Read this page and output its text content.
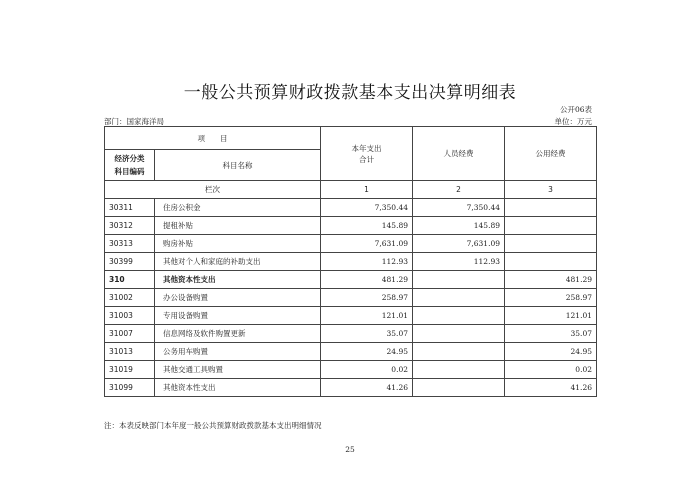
一般公共预算财政拨款基本支出决算明细表
公开06表
部门：国家海洋局	单位：万元
项　　目		本年支出
合计	人员经费	公用经费

经济分类
科目编码	科目名称			
栏次		1	2	3
30311	住房公积金	7,350.44	7,350.44	
30312	提租补贴	145.89	145.89	
30313	购房补贴	7,631.09	7,631.09	
30399	其他对个人和家庭的补助支出	112.93	112.93	
310	其他资本性支出	481.29		481.29
31002	办公设备购置	258.97		258.97
31003	专用设备购置	121.01		121.01
31007	信息网络及软件购置更新	35.07		35.07
31013	公务用车购置	24.95		24.95
31019	其他交通工具购置	0.02		0.02
31099	其他资本性支出	41.26		41.26
注：本表反映部门本年度一般公共预算财政拨款基本支出明细情况
25
